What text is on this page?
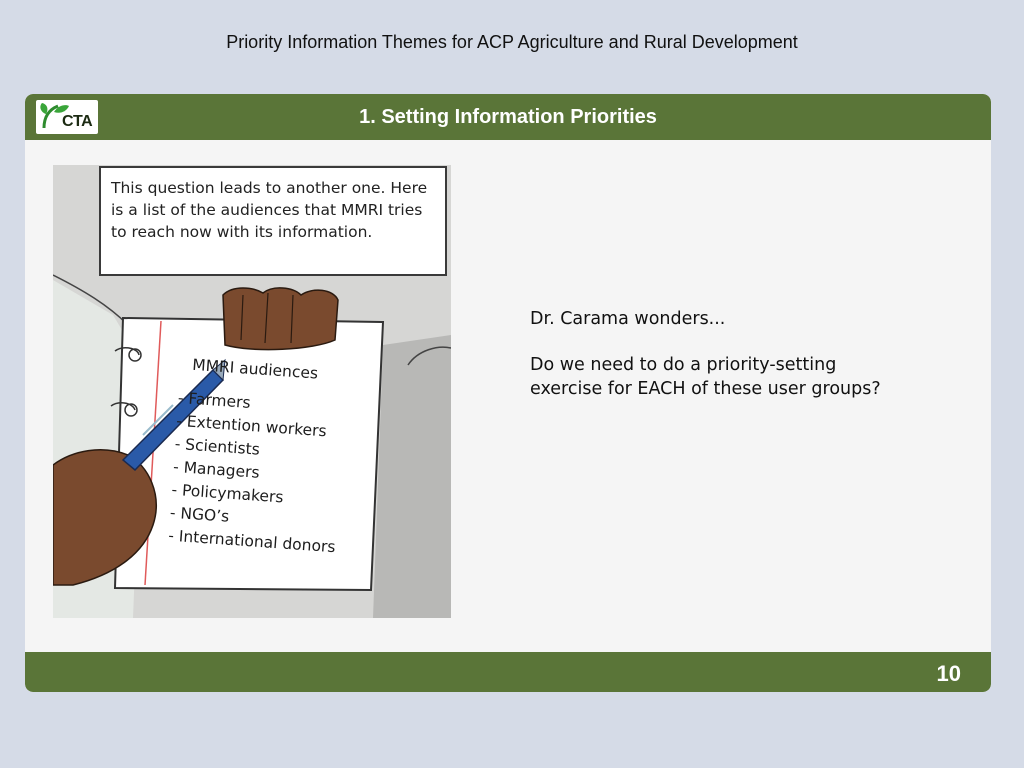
Priority Information Themes for ACP Agriculture and Rural Development
CTA	1. Setting Information Priorities
This question leads to another one. Here is a list of the audiences that MMRI tries to reach now with its information.
MMRI audiences
- Farmers
- Extention workers
- Scientists
- Managers
- Policymakers
- NGO’s
- International donors

Dr. Carama wonders...

Do we need to do a priority-setting exercise for EACH of these user groups?

10
